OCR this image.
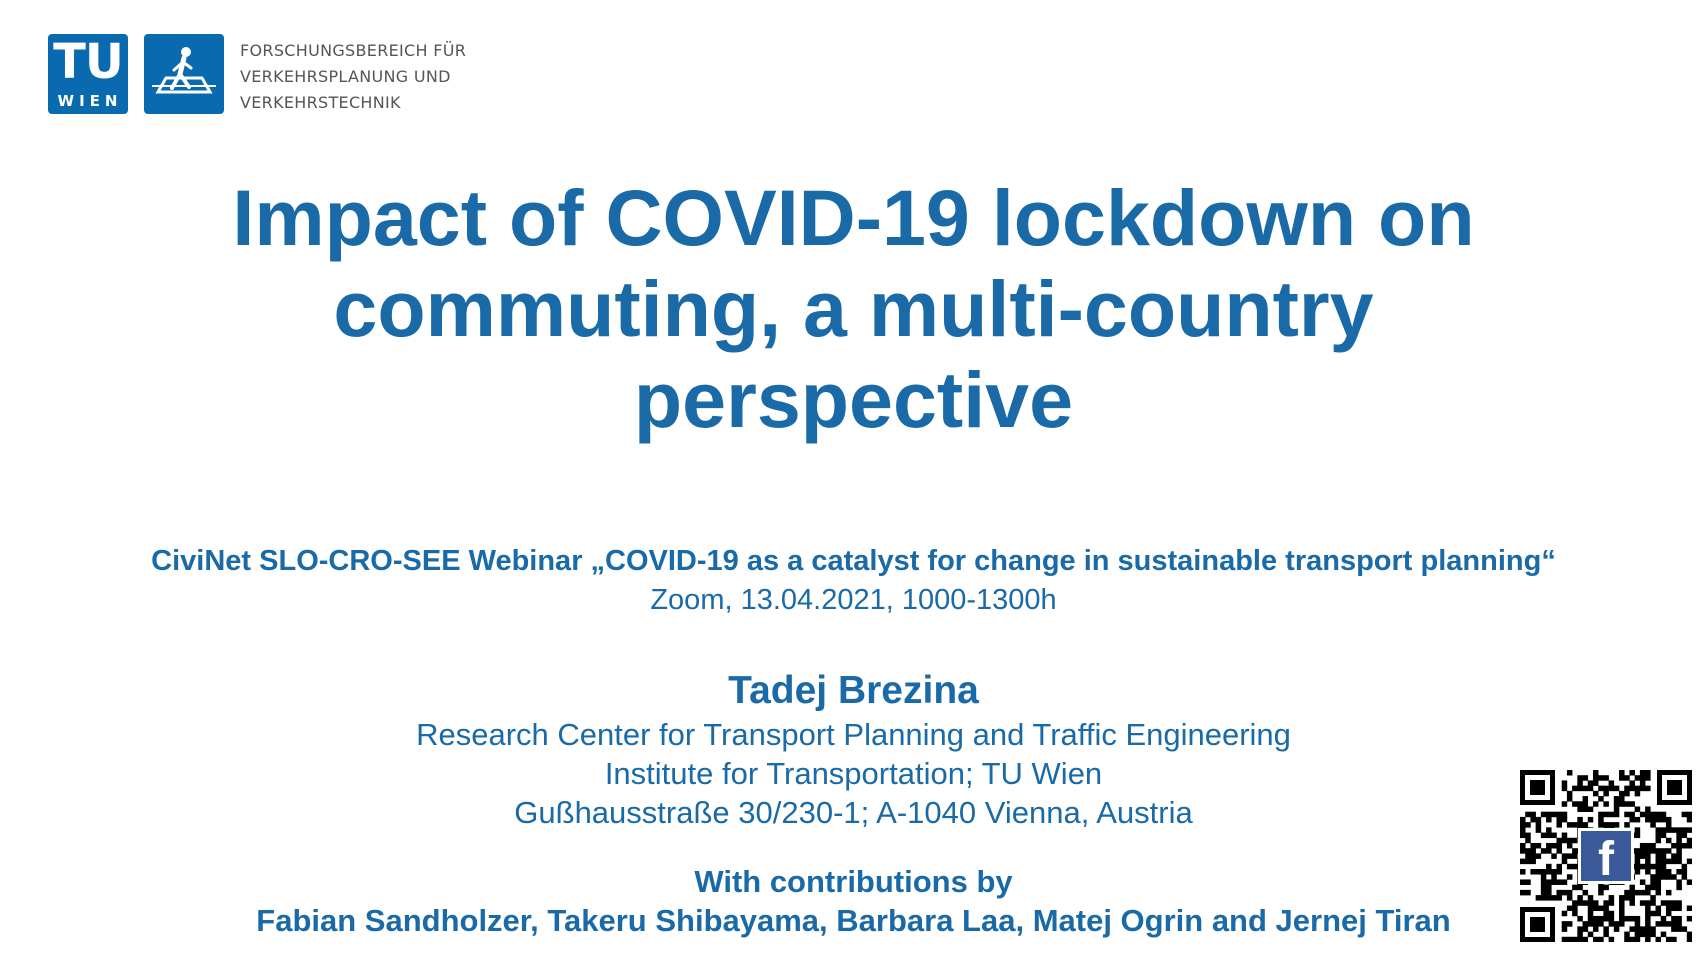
TU
WIEN
FORSCHUNGSBEREICH FÜR
VERKEHRSPLANUNG UND
VERKEHRSTECHNIK
Impact of COVID-19 lockdown on
commuting, a multi-country
perspective
CiviNet SLO-CRO-SEE Webinar „COVID-19 as a catalyst for change in sustainable transport planning“
Zoom, 13.04.2021, 1000-1300h
Tadej Brezina
Research Center for Transport Planning and Traffic Engineering
Institute for Transportation; TU Wien
Gußhausstraße 30/230-1; A-1040 Vienna, Austria
With contributions by
Fabian Sandholzer, Takeru Shibayama, Barbara Laa, Matej Ogrin and Jernej Tiran
f
